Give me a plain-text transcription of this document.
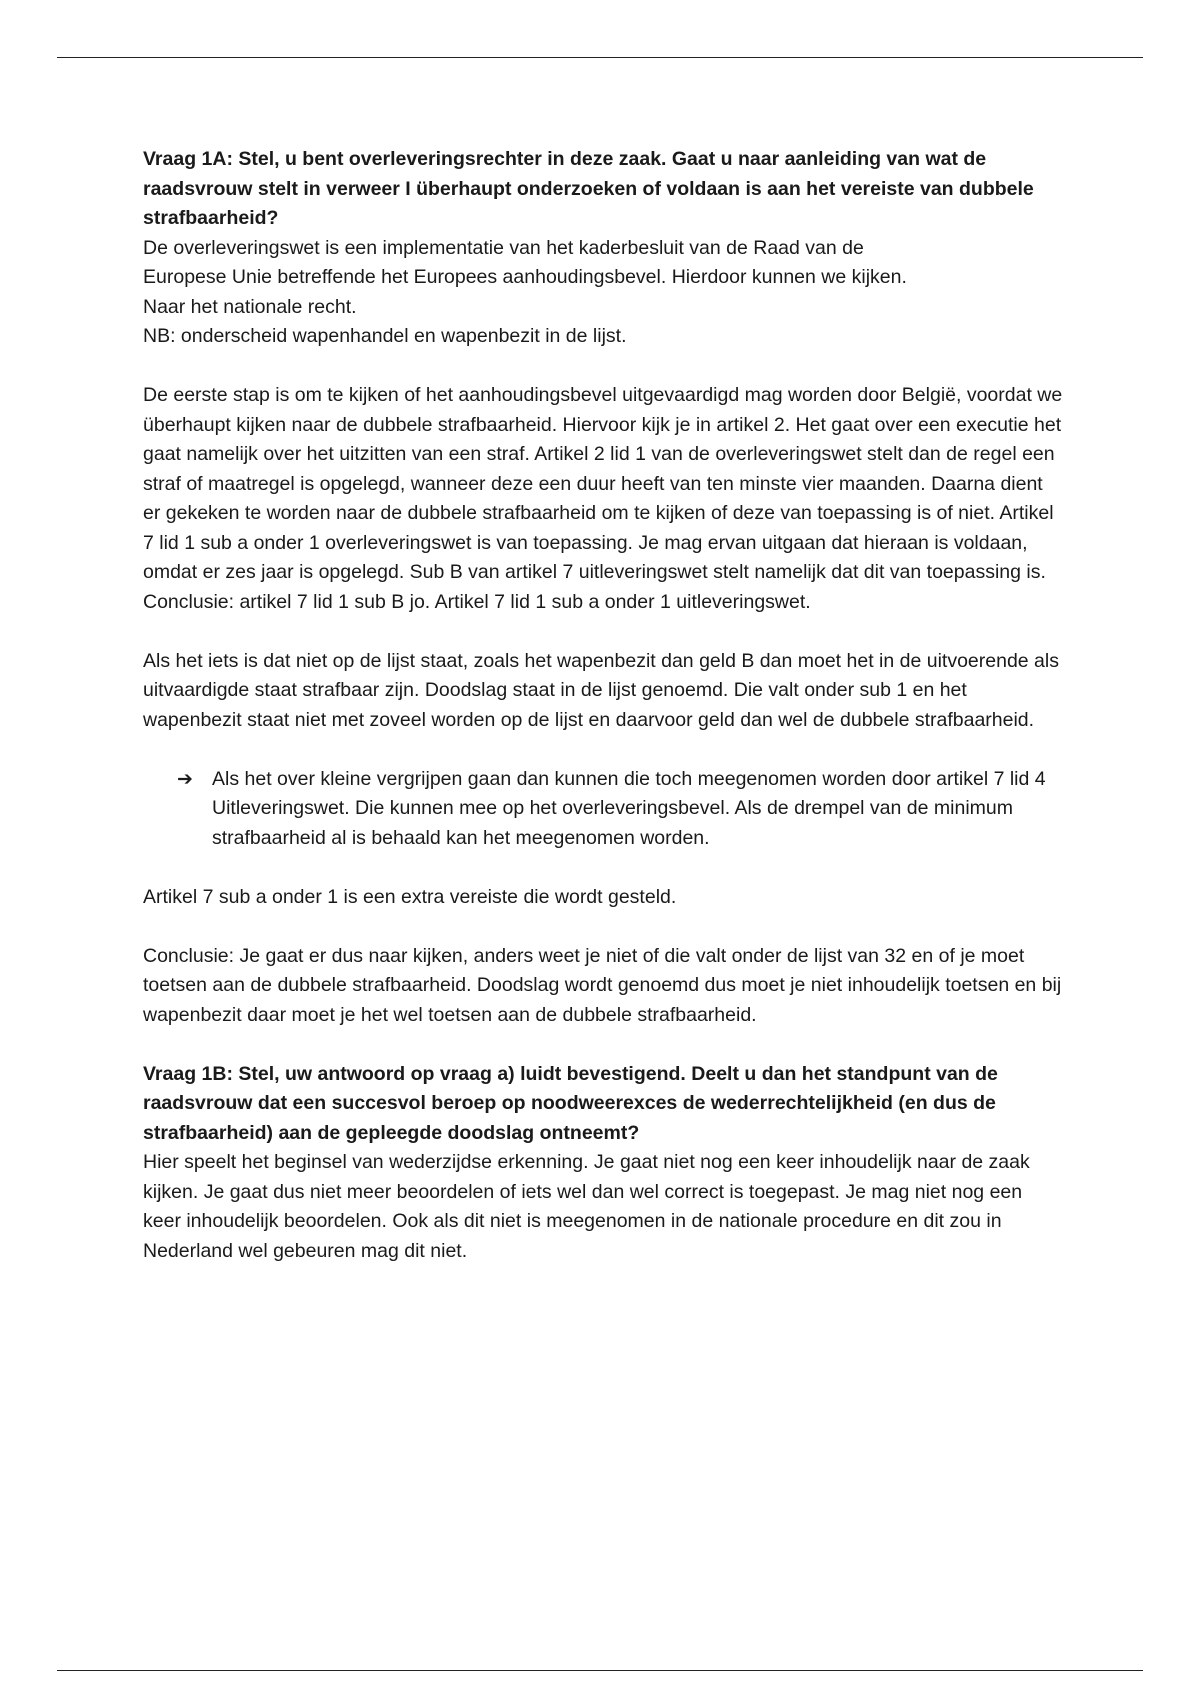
Vraag 1A: Stel, u bent overleveringsrechter in deze zaak. Gaat u naar aanleiding van wat de raadsvrouw stelt in verweer I überhaupt onderzoeken of voldaan is aan het vereiste van dubbele strafbaarheid?

De overleveringswet is een implementatie van het kaderbesluit van de Raad van de

Europese Unie betreffende het Europees aanhoudingsbevel. Hierdoor kunnen we kijken.

Naar het nationale recht.

NB: onderscheid wapenhandel en wapenbezit in de lijst.

De eerste stap is om te kijken of het aanhoudingsbevel uitgevaardigd mag worden door België, voordat we überhaupt kijken naar de dubbele strafbaarheid. Hiervoor kijk je in artikel 2. Het gaat over een executie het gaat namelijk over het uitzitten van een straf. Artikel 2 lid 1 van de overleveringswet stelt dan de regel een straf of maatregel is opgelegd, wanneer deze een duur heeft van ten minste vier maanden. Daarna dient er gekeken te worden naar de dubbele strafbaarheid om te kijken of deze van toepassing is of niet. Artikel 7 lid 1 sub a onder 1 overleveringswet is van toepassing. Je mag ervan uitgaan dat hieraan is voldaan, omdat er zes jaar is opgelegd. Sub B van artikel 7 uitleveringswet stelt namelijk dat dit van toepassing is. Conclusie: artikel 7 lid 1 sub B jo. Artikel 7 lid 1 sub a onder 1 uitleveringswet.

Als het iets is dat niet op de lijst staat, zoals het wapenbezit dan geld B dan moet het in de uitvoerende als uitvaardigde staat strafbaar zijn. Doodslag staat in de lijst genoemd. Die valt onder sub 1 en het wapenbezit staat niet met zoveel worden op de lijst en daarvoor geld dan wel de dubbele strafbaarheid.

➔ Als het over kleine vergrijpen gaan dan kunnen die toch meegenomen worden door artikel 7 lid 4 Uitleveringswet. Die kunnen mee op het overleveringsbevel. Als de drempel van de minimum strafbaarheid al is behaald kan het meegenomen worden.

Artikel 7 sub a onder 1 is een extra vereiste die wordt gesteld.

Conclusie: Je gaat er dus naar kijken, anders weet je niet of die valt onder de lijst van 32 en of je moet toetsen aan de dubbele strafbaarheid. Doodslag wordt genoemd dus moet je niet inhoudelijk toetsen en bij wapenbezit daar moet je het wel toetsen aan de dubbele strafbaarheid.

Vraag 1B: Stel, uw antwoord op vraag a) luidt bevestigend. Deelt u dan het standpunt van de raadsvrouw dat een succesvol beroep op noodweerexces de wederrechtelijkheid (en dus de strafbaarheid) aan de gepleegde doodslag ontneemt?

Hier speelt het beginsel van wederzijdse erkenning. Je gaat niet nog een keer inhoudelijk naar de zaak kijken. Je gaat dus niet meer beoordelen of iets wel dan wel correct is toegepast. Je mag niet nog een keer inhoudelijk beoordelen. Ook als dit niet is meegenomen in de nationale procedure en dit zou in Nederland wel gebeuren mag dit niet.
